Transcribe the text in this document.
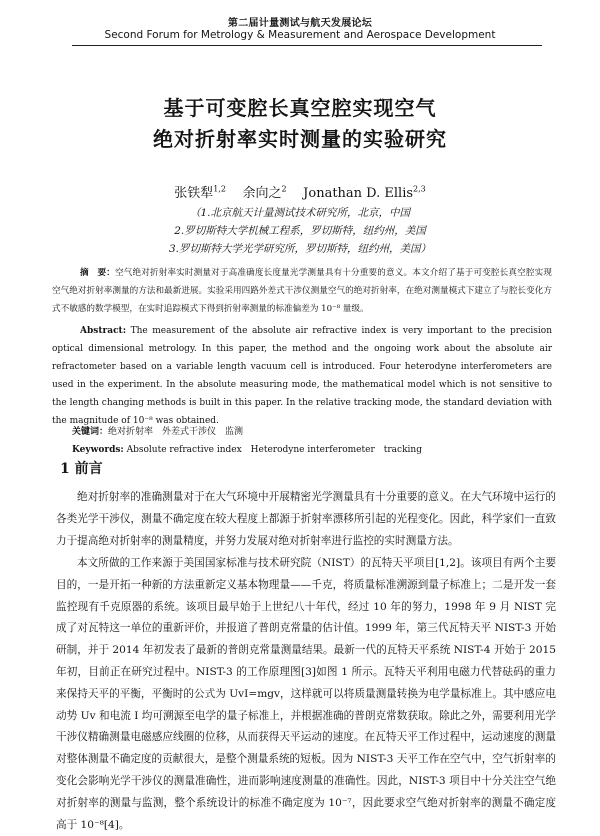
第二届计量测试与航天发展论坛
Second Forum for Metrology & Measurement and Aerospace Development
基于可变腔长真空腔实现空气
绝对折射率实时测量的实验研究
张铁犁$^{1,2}$ 余向之$^2$ Jonathan D. Ellis$^{2,3}$
（1.北京航天计量测试技术研究所，北京，中国
2.罗切斯特大学机械工程系，罗切斯特，纽约州，美国
3.罗切斯特大学光学研究所，罗切斯特，纽约州，美国）
摘　要：空气绝对折射率实时测量对于高准确度长度量光学测量具有十分重要的意义。本文介绍了基于可变腔长真空腔实现空气绝对折射率测量的方法和最新进展。实验采用四路外差式干涉仪测量空气的绝对折射率，在绝对测量模式下建立了与腔长变化方式不敏感的数学模型，在实时追踪模式下得到折射率测量的标准偏差为 10⁻⁸ 量级。
Abstract: The measurement of the absolute air refractive index is very important to the precision optical dimensional metrology. In this paper, the method and the ongoing work about the absolute air refractometer based on a variable length vacuum cell is introduced. Four heterodyne interferometers are used in the experiment. In the absolute measuring mode, the mathematical model which is not sensitive to the length changing methods is built in this paper. In the relative tracking mode, the standard deviation with the magnitude of 10⁻⁸ was obtained.
关键词：绝对折射率　外差式干涉仪　监测
Keywords: Absolute refractive index　Heterodyne interferometer　tracking
1 前言
绝对折射率的准确测量对于在大气环境中开展精密光学测量具有十分重要的意义。在大气环境中运行的各类光学干涉仪，测量不确定度在较大程度上都源于折射率漂移所引起的光程变化。因此，科学家们一直致力于提高绝对折射率的测量精度，并努力发展对绝对折射率进行监控的实时测量方法。
本文所做的工作来源于美国国家标准与技术研究院（NIST）的瓦特天平项目[1,2]。该项目有两个主要目的，一是开拓一种新的方法重新定义基本物理量——千克，将质量标准溯源到量子标准上；二是开发一套监控现有千克原器的系统。该项目最早始于上世纪八十年代，经过 10 年的努力，1998 年 9 月 NIST 完成了对瓦特这一单位的重新评价，并报道了普朗克常量的估计值。1999 年，第三代瓦特天平 NIST-3 开始研制，并于 2014 年初发表了最新的普朗克常量测量结果。最新一代的瓦特天平系统 NIST-4 开始于 2015 年初，目前正在研究过程中。NIST-3 的工作原理图[3]如图 1 所示。瓦特天平利用电磁力代替砝码的重力来保持天平的平衡，平衡时的公式为 UvI=mgv，这样就可以将质量测量转换为电学量标准上。其中感应电动势 Uv 和电流 I 均可溯源至电学的量子标准上，并根据准确的普朗克常数获取。除此之外，需要利用光学干涉仪精确测量电磁感应线圈的位移，从而获得天平运动的速度。在瓦特天平工作过程中，运动速度的测量对整体测量不确定度的贡献很大，是整个测量系统的短板。因为 NIST-3 天平工作在空气中，空气折射率的变化会影响光学干涉仪的测量准确性，进而影响速度测量的准确性。因此，NIST-3 项目中十分关注空气绝对折射率的测量与监测，整个系统设计的标准不确定度为 10⁻⁷，因此要求空气绝对折射率的测量不确定度高于 10⁻⁸[4]。
